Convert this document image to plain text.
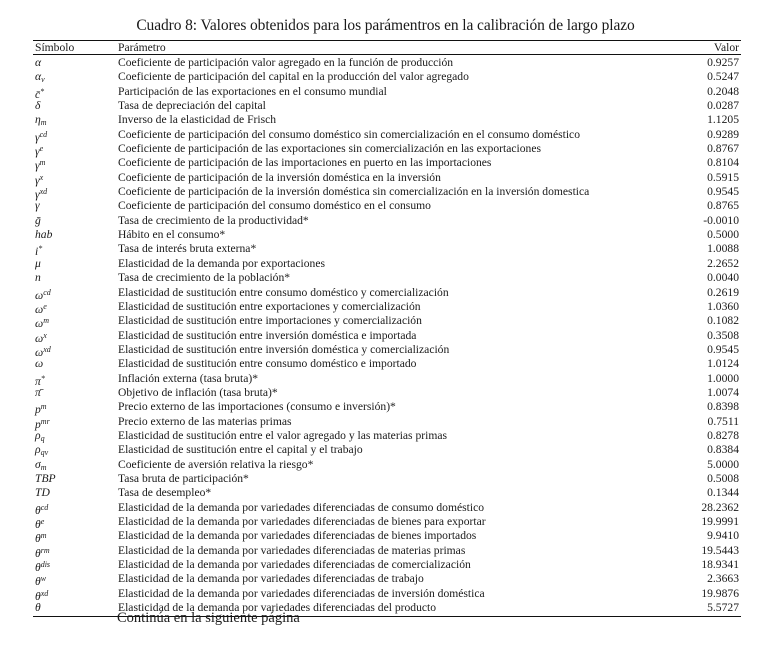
Cuadro 8: Valores obtenidos para los parámentros en la calibración de largo plazo
Símbolo	Parámetro	Valor
α	Coeficiente de participación valor agregado en la función de producción	0.9257
αv	Coeficiente de participación del capital en la producción del valor agregado	0.5247
c̄*	Participación de las exportaciones en el consumo mundial	0.2048
δ	Tasa de depreciación del capital	0.0287
ηm	Inverso de la elasticidad de Frisch	1.1205
$\gamma^{cd}$	Coeficiente de participación del consumo doméstico sin comercialización en el consumo doméstico	0.9289
$\gamma^e$	Coeficiente de participación de las exportaciones sin comercialización en las exportaciones	0.8767
$\gamma^m$	Coeficiente de participación de las importaciones en puerto en las importaciones	0.8104
$\gamma^x$	Coeficiente de participación de la inversión doméstica en la inversión	0.5915
$\gamma^{xd}$	Coeficiente de participación de la inversión doméstica sin comercialización en la inversión domestica	0.9545
γ	Coeficiente de participación del consumo doméstico en el consumo	0.8765
ḡ	Tasa de crecimiento de la productividad*	-0.0010
hab	Hábito en el consumo*	0.5000
i*	Tasa de interés bruta externa*	1.0088
μ	Elasticidad de la demanda por exportaciones	2.2652
n	Tasa de crecimiento de la población*	0.0040
$\omega^{cd}$	Elasticidad de sustitución entre consumo doméstico y comercialización	0.2619
$\omega^e$	Elasticidad de sustitución entre exportaciones y comercialización	1.0360
$\omega^m$	Elasticidad de sustitución entre importaciones y comercialización	0.1082
$\omega^x$	Elasticidad de sustitución entre inversión doméstica e importada	0.3508
$\omega^{xd}$	Elasticidad de sustitución entre inversión doméstica y comercialización	0.9545
ω	Elasticidad de sustitución entre consumo doméstico e importado	1.0124
π*	Inflación externa (tasa bruta)*	1.0000
π̄	Objetivo de inflación (tasa bruta)*	1.0074
$p^m$	Precio externo de las importaciones (consumo e inversión)*	0.8398
$p^{mr}$	Precio externo de las materias primas	0.7511
ρq	Elasticidad de sustitución entre el valor agregado y las materias primas	0.8278
ρqv	Elasticidad de sustitución entre el capital y el trabajo	0.8384
σm	Coeficiente de aversión relativa la riesgo*	5.0000
TBP	Tasa bruta de participación*	0.5008
TD	Tasa de desempleo*	0.1344
$\theta^{cd}$	Elasticidad de la demanda por variedades diferenciadas de consumo doméstico	28.2362
$\theta^e$	Elasticidad de la demanda por variedades diferenciadas de bienes para exportar	19.9991
$\theta^m$	Elasticidad de la demanda por variedades diferenciadas de bienes importados	9.9410
$\theta^{rm}$	Elasticidad de la demanda por variedades diferenciadas de materias primas	19.5443
$\theta^{dis}$	Elasticidad de la demanda por variedades diferenciadas de comercialización	18.9341
$\theta^w$	Elasticidad de la demanda por variedades diferenciadas de trabajo	2.3663
$\theta^{xd}$	Elasticidad de la demanda por variedades diferenciadas de inversión doméstica	19.9876
θ	Elasticidad de la demanda por variedades diferenciadas del producto	5.5727
Continúa en la siguiente página
